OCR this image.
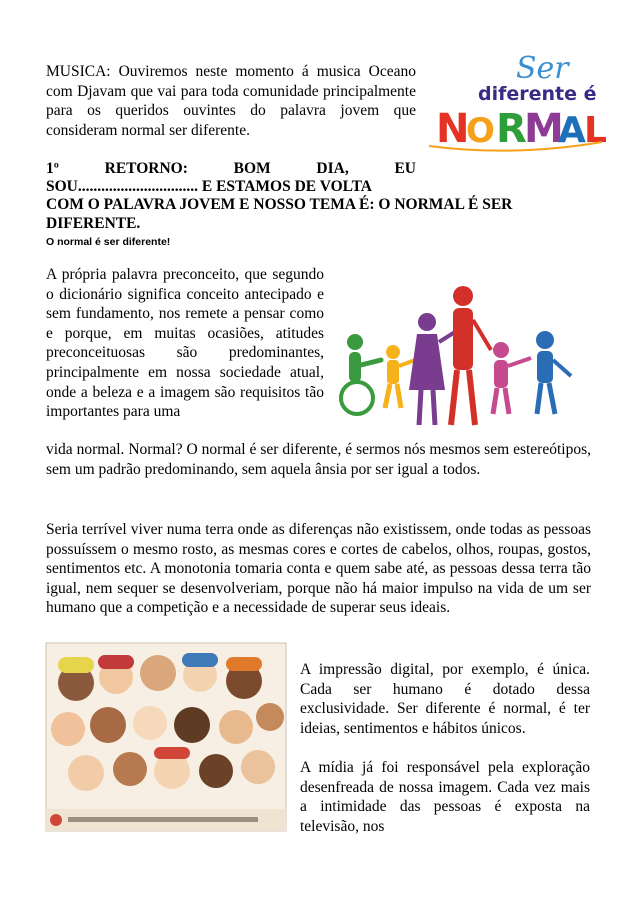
MUSICA: Ouviremos neste momento á musica Oceano com Djavam que vai para toda comunidade principalmente para os queridos ouvintes do palavra jovem que consideram normal ser diferente.

Ser
diferente é
N
O R
M
A
L
NORMAL
1º RETORNO: BOM DIA, EU
SOU............................... E ESTAMOS DE VOLTA
COM O PALAVRA JOVEM E NOSSO TEMA É: O NORMAL É SER DIFERENTE.
O normal é ser diferente!

A própria palavra preconceito, que segundo o dicionário significa conceito antecipado e sem fundamento, nos remete a pensar como e porque, em muitas ocasiões, atitudes preconceituosas são predominantes, principalmente em nossa sociedade atual, onde a beleza e a imagem são requisitos tão importantes para uma

vida normal. Normal? O normal é ser diferente, é sermos nós mesmos sem estereótipos, sem um padrão predominando, sem aquela ânsia por ser igual a todos.

Seria terrível viver numa terra onde as diferenças não existissem, onde todas as pessoas possuíssem o mesmo rosto, as mesmas cores e cortes de cabelos, olhos, roupas, gostos, sentimentos etc. A monotonia tomaria conta e quem sabe até, as pessoas dessa terra tão igual, nem sequer se desenvolveriam, porque não há maior impulso na vida de um ser humano que a competição e a necessidade de superar seus ideais.

A impressão digital, por exemplo, é única. Cada ser humano é dotado dessa exclusividade. Ser diferente é normal, é ter ideias, sentimentos e hábitos únicos.

A mídia já foi responsável pela exploração desenfreada de nossa imagem. Cada vez mais a intimidade das pessoas é exposta na televisão, nos
